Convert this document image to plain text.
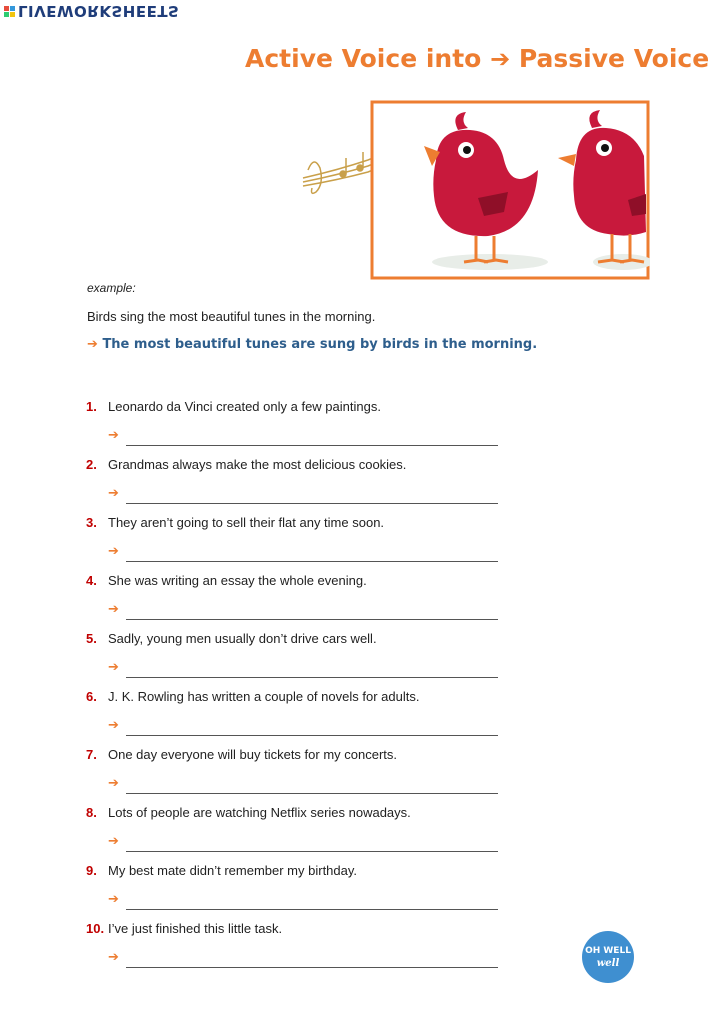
LIVEWORKSHEETS
Active Voice into ➔ Passive Voice
example:
Birds sing the most beautiful tunes in the morning.
➔ The most beautiful tunes are sung by birds in the morning.
1. Leonardo da Vinci created only a few paintings.
➔
2. Grandmas always make the most delicious cookies.
➔
3. They aren’t going to sell their flat any time soon.
➔
4. She was writing an essay the whole evening.
➔
5. Sadly, young men usually don’t drive cars well.
➔
6. J. K. Rowling has written a couple of novels for adults.
➔
7. One day everyone will buy tickets for my concerts.
➔
8. Lots of people are watching Netflix series nowadays.
➔
9. My best mate didn’t remember my birthday.
➔
10. I’ve just finished this little task.
➔	OH WELL
well
